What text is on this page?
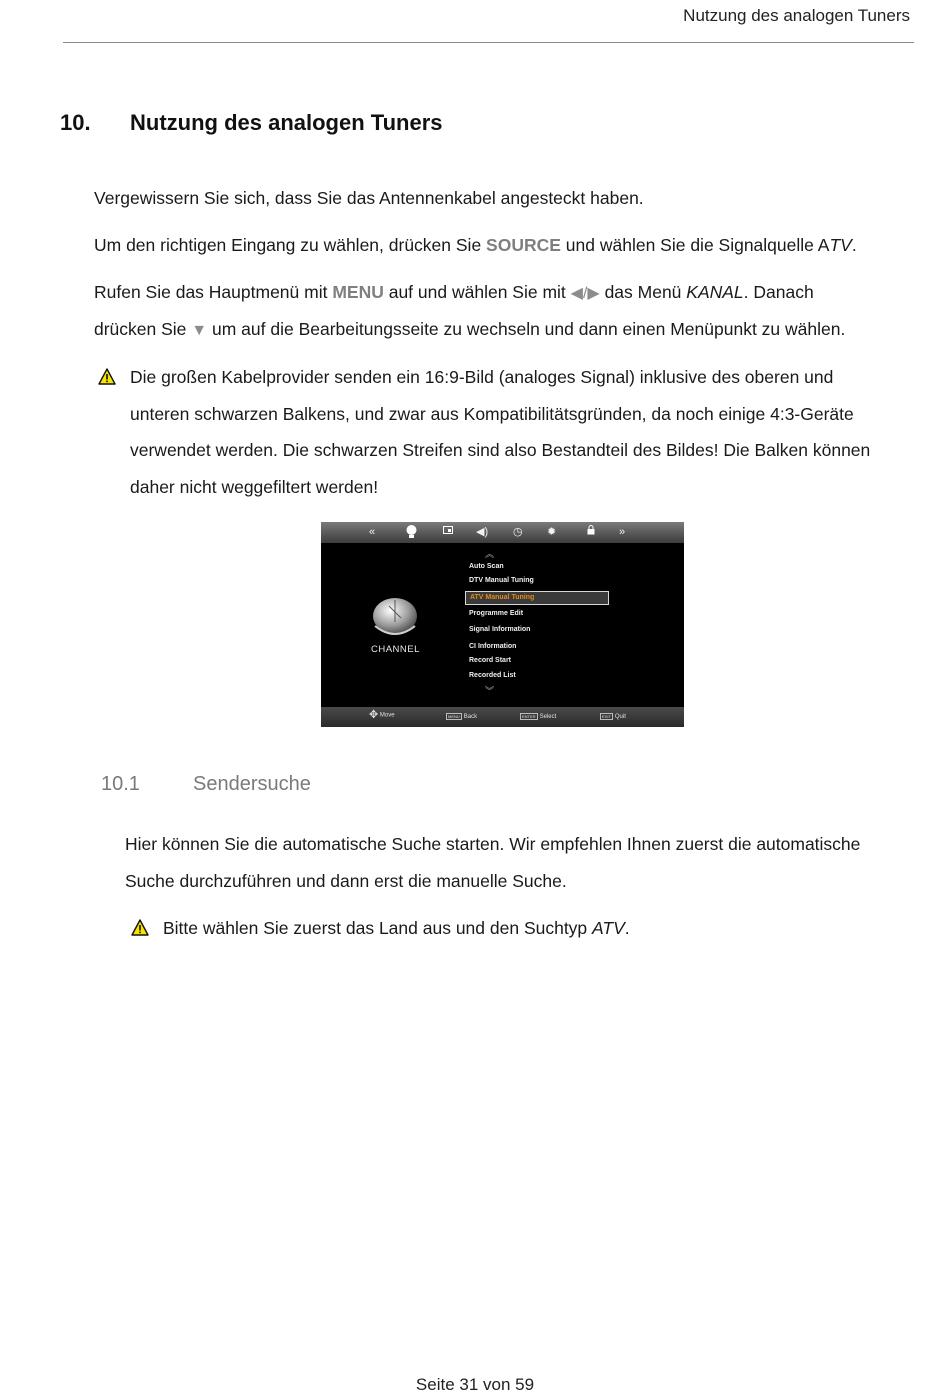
Nutzung des analogen Tuners
10. Nutzung des analogen Tuners
Vergewissern Sie sich, dass Sie das Antennenkabel angesteckt haben.
Um den richtigen Eingang zu wählen, drücken Sie SOURCE und wählen Sie die Signalquelle ATV.
Rufen Sie das Hauptmenü mit MENU auf und wählen Sie mit ◀/▶ das Menü KANAL. Danach
drücken Sie ▼ um auf die Bearbeitungsseite zu wechseln und dann einen Menüpunkt zu wählen.
Die großen Kabelprovider senden ein 16:9-Bild (analoges Signal) inklusive des oberen und
unteren schwarzen Balkens, und zwar aus Kompatibilitätsgründen, da noch einige 4:3-Geräte
verwendet werden. Die schwarzen Streifen sind also Bestandteil des Bildes! Die Balken können
daher nicht weggefiltert werden!
«	◀) ◷ ✹	»
CHANNEL
︽
Auto Scan
DTV Manual Tuning
ATV Manual Tuning
Programme Edit
Signal Information
CI Information
Record Start
Recorded List
︾
✥ Move	MENU Back	ENTER Select	EXIT Quit
10.1	Sendersuche
Hier können Sie die automatische Suche starten. Wir empfehlen Ihnen zuerst die automatische
Suche durchzuführen und dann erst die manuelle Suche.
Bitte wählen Sie zuerst das Land aus und den Suchtyp ATV.
Seite 31 von 59
